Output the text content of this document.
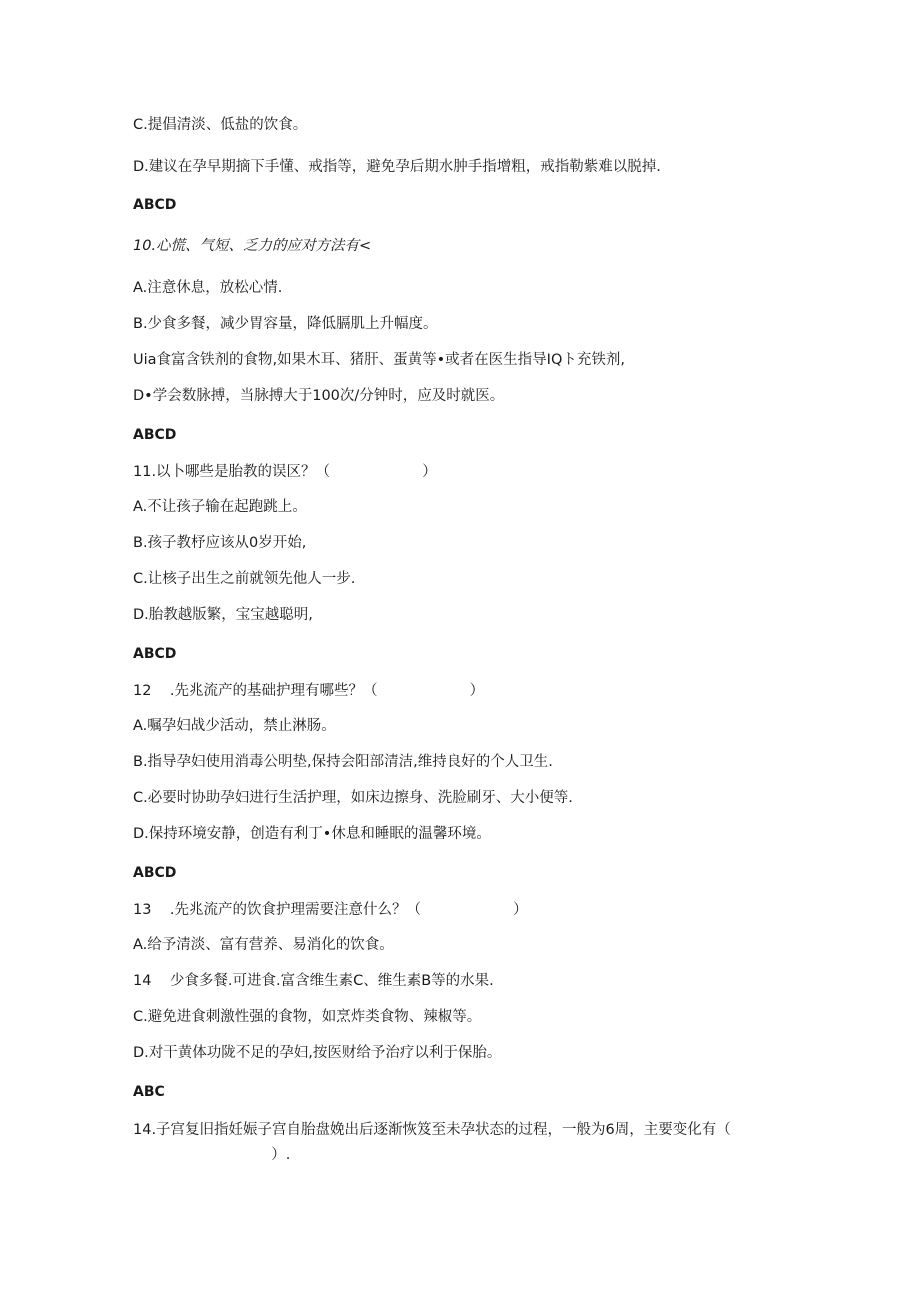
C.提倡清淡、低盐的饮食。
D.建议在孕早期摘下手懂、戒指等，避免孕后期水肿手指增粗，戒指勒紫难以脱掉.
ABCD
10.心慌、气短、乏力的应对方法有<
A.注意休息，放松心情.
B.少食多餐，减少胃容量，降低膈肌上升幅度。
Uia食富含铁剂的食物,如果木耳、猪肝、蛋黄等•或者在医生指导IQト充铁剂,
D•学会数脉搏，当脉搏大于100次/分钟时，应及时就医。
ABCD
11.以卜哪些是胎教的误区？（                    ）
A.不让孩子输在起跑跳上。
B.孩子教杼应该从0岁开始,
C.让核子出生之前就领先他人一步.
D.胎教越版繁，宝宝越聪明,
ABCD
12    .先兆流产的基础护理有哪些？（                    ）
A.嘱孕妇战少活动，禁止淋肠。
B.指导孕妇使用消毒公明垫,保持会阳部清洁,维持良好的个人卫生.
C.必要时协助孕妇进行生活护理，如床边擦身、洗脸刷牙、大小便等.
D.保持环境安静，创造有利丁•休息和睡眠的温馨环境。
ABCD
13    .先兆流产的饮食护理需要注意什么？（                    ）
A.给予清淡、富有营养、易消化的饮食。
14    少食多餐.可进食.富含维生素C、维生素B等的水果.
C.避免进食刺激性强的食物，如烹炸类食物、辣椒等。
D.对干黄体功陇不足的孕妇,按医财给予治疗以利于保胎。
ABC
14.子宫复旧指妊娠子宫自胎盘娩出后逐渐恢笈至未孕状态的过程，一般为6周，主要变化有（
）.
